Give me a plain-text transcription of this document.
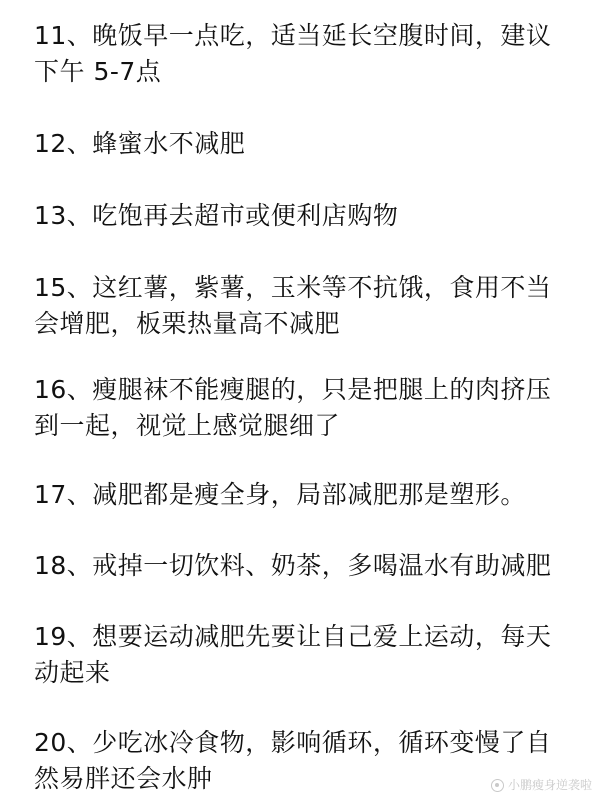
11、晚饭早一点吃，适当延长空腹时间，建议下午 5-7点
12、蜂蜜水不减肥
13、吃饱再去超市或便利店购物
15、这红薯，紫薯，玉米等不抗饿，食用不当会增肥，板栗热量高不减肥
16、瘦腿袜不能瘦腿的，只是把腿上的肉挤压到一起，视觉上感觉腿细了
17、减肥都是瘦全身，局部减肥那是塑形。
18、戒掉一切饮料、奶茶，多喝温水有助减肥
19、想要运动减肥先要让自己爱上运动，每天动起来
20、少吃冰冷食物，影响循环，循环变慢了自然易胖还会水肿	小鹏瘦身逆袭啦
